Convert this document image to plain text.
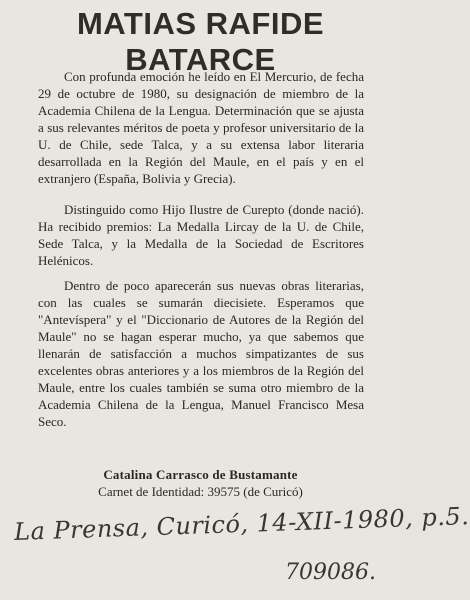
MATIAS RAFIDE BATARCE

Con profunda emoción he leído en El Mercurio, de fecha 29 de octubre de 1980, su designación de miembro de la Academia Chilena de la Lengua. Determinación que se ajusta a sus relevantes méritos de poeta y profesor universitario de la U. de Chile, sede Talca, y a su extensa labor literaria desarrollada en la Región del Maule, en el país y en el extranjero (España, Bolivia y Grecia).

Distinguido como Hijo Ilustre de Curepto (donde nació). Ha recibido premios: La Medalla Lircay de la U. de Chile, Sede Talca, y la Medalla de la Sociedad de Escritores Helénicos.

Dentro de poco aparecerán sus nuevas obras literarias, con las cuales se sumarán diecisiete. Esperamos que "Antevíspera" y el "Diccionario de Autores de la Región del Maule" no se hagan esperar mucho, ya que sabemos que llenarán de satisfacción a muchos simpatizantes de sus excelentes obras anteriores y a los miembros de la Región del Maule, entre los cuales también se suma otro miembro de la Academia Chilena de la Lengua, Manuel Francisco Mesa Seco.

Catalina Carrasco de Bustamante
Carnet de Identidad: 39575 (de Curicó)
La Prensa, Curicó, 14-XII-1980, p.5.
709086.
